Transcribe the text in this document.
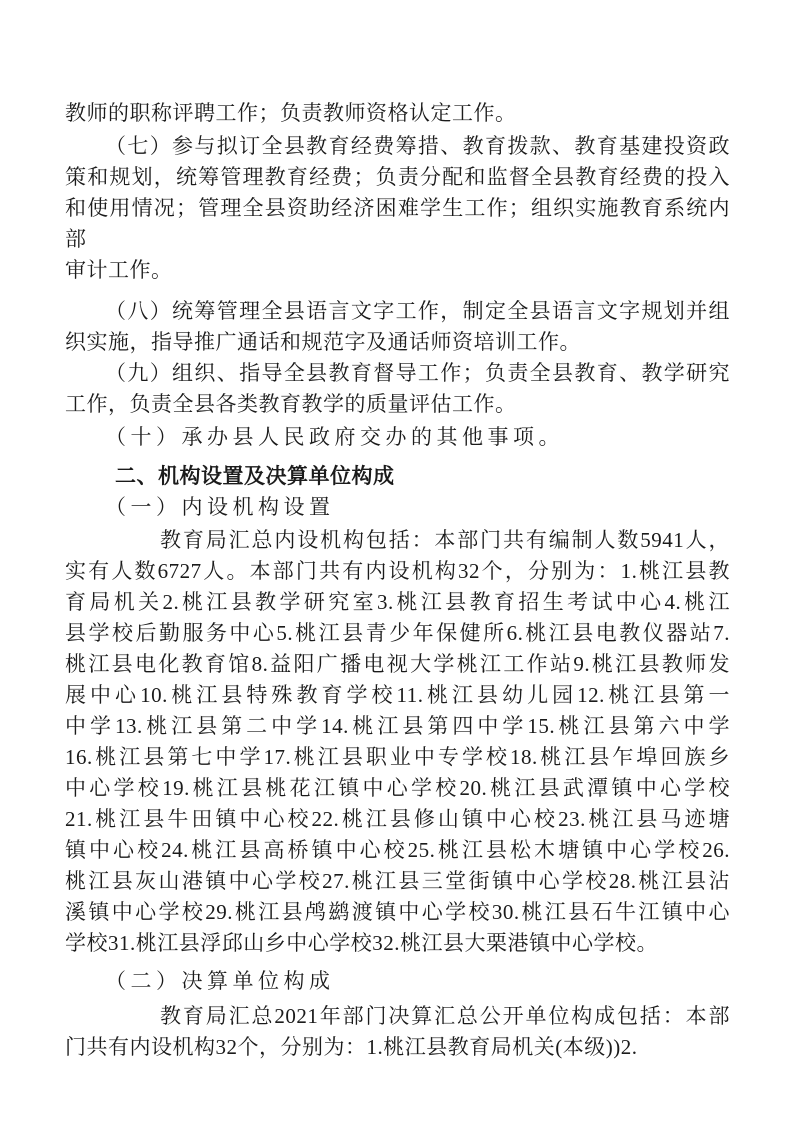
教师的职称评聘工作；负责教师资格认定工作。
（七）参与拟订全县教育经费筹措、教育拨款、教育基建投资政
策和规划，统筹管理教育经费；负责分配和监督全县教育经费的投入
和使用情况；管理全县资助经济困难学生工作；组织实施教育系统内部
审计工作。
（八）统筹管理全县语言文字工作，制定全县语言文字规划并组
织实施，指导推广通话和规范字及通话师资培训工作。
（九）组织、指导全县教育督导工作；负责全县教育、教学研究
工作，负责全县各类教育教学的质量评估工作。
（十）承办县人民政府交办的其他事项。
二、机构设置及决算单位构成
（一）内设机构设置
教育局汇总内设机构包括：本部门共有编制人数5941人，
实有人数6727人。本部门共有内设机构32个，分别为：1.桃江县教
育局机关2.桃江县教学研究室3.桃江县教育招生考试中心4.桃江
县学校后勤服务中心5.桃江县青少年保健所6.桃江县电教仪器站7.
桃江县电化教育馆8.益阳广播电视大学桃江工作站9.桃江县教师发
展中心10.桃江县特殊教育学校11.桃江县幼儿园12.桃江县第一
中学13.桃江县第二中学14.桃江县第四中学15.桃江县第六中学
16.桃江县第七中学17.桃江县职业中专学校18.桃江县乍埠回族乡
中心学校19.桃江县桃花江镇中心学校20.桃江县武潭镇中心学校
21.桃江县牛田镇中心校22.桃江县修山镇中心校23.桃江县马迹塘
镇中心校24.桃江县高桥镇中心校25.桃江县松木塘镇中心学校26.
桃江县灰山港镇中心学校27.桃江县三堂街镇中心学校28.桃江县沾
溪镇中心学校29.桃江县鸬鹚渡镇中心学校30.桃江县石牛江镇中心
学校31.桃江县浮邱山乡中心学校32.桃江县大栗港镇中心学校。
（二）决算单位构成
教育局汇总2021年部门决算汇总公开单位构成包括：本部
门共有内设机构32个，分别为：1.桃江县教育局机关(本级))2.
